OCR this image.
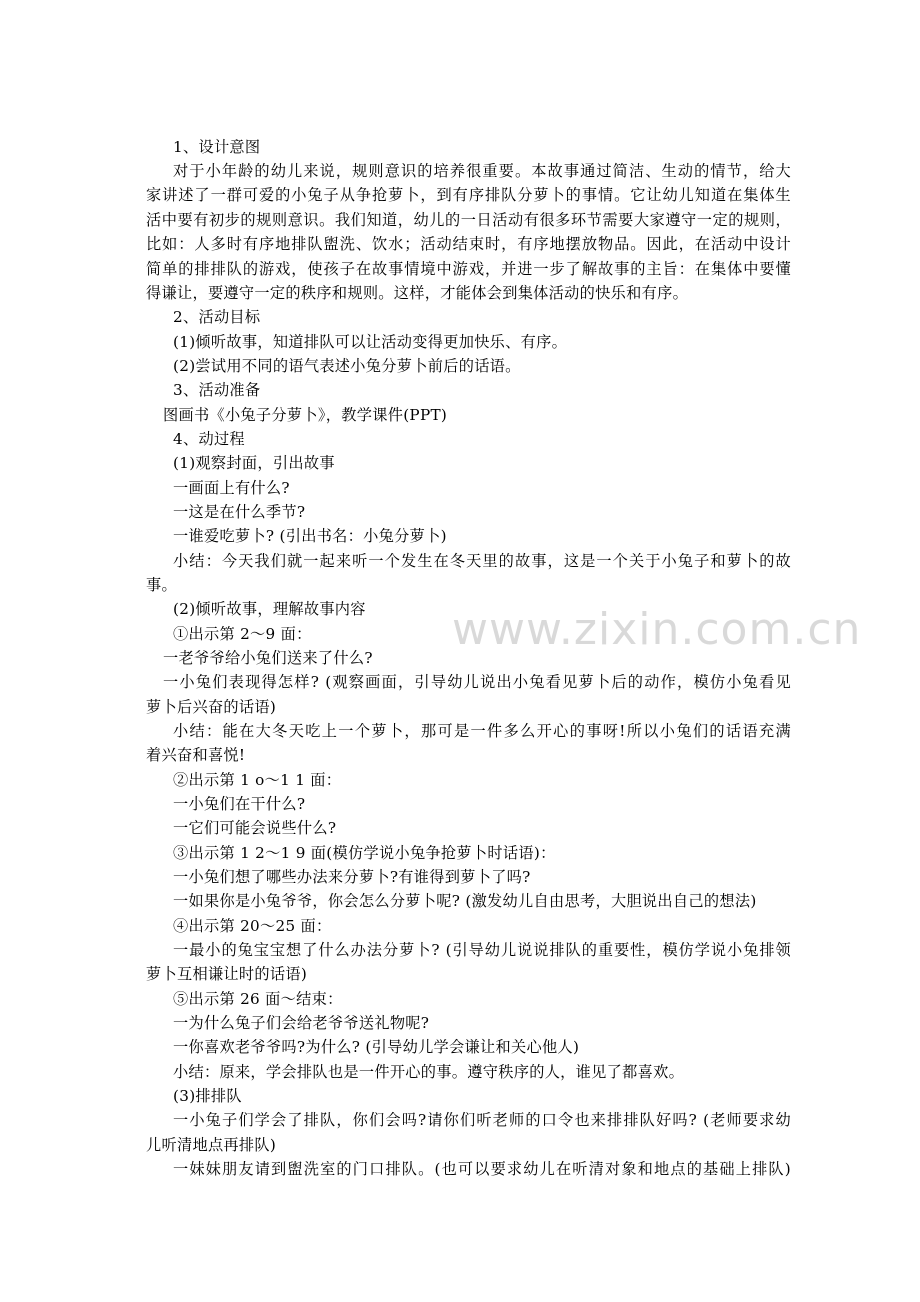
www.zixin.com.cn
1、设计意图
对于小年龄的幼儿来说，规则意识的培养很重要。本故事通过简洁、生动的情节，给大
家讲述了一群可爱的小兔子从争抢萝卜，到有序排队分萝卜的事情。它让幼儿知道在集体生
活中要有初步的规则意识。我们知道，幼儿的一日活动有很多环节需要大家遵守一定的规则，
比如：人多时有序地排队盥洗、饮水；活动结束时，有序地摆放物品。因此，在活动中设计
简单的排排队的游戏，使孩子在故事情境中游戏，并进一步了解故事的主旨：在集体中要懂
得谦让，要遵守一定的秩序和规则。这样，才能体会到集体活动的快乐和有序。
2、活动目标
(1)倾听故事，知道排队可以让活动变得更加快乐、有序。
(2)尝试用不同的语气表述小兔分萝卜前后的话语。
3、活动准备
图画书《小兔子分萝卜》，教学课件(PPT)
4、动过程
(1)观察封面，引出故事
一画面上有什么?
一这是在什么季节?
一谁爱吃萝卜? (引出书名：小兔分萝卜)
小结：今天我们就一起来听一个发生在冬天里的故事，这是一个关于小兔子和萝卜的故
事。
(2)倾听故事，理解故事内容
①出示第 2～9 面：
一老爷爷给小兔们送来了什么?
一小兔们表现得怎样? (观察画面，引导幼儿说出小兔看见萝卜后的动作，模仿小兔看见
萝卜后兴奋的话语)
小结：能在大冬天吃上一个萝卜，那可是一件多么开心的事呀!所以小兔们的话语充满
着兴奋和喜悦!
②出示第 1 o～1 1 面：
一小兔们在干什么?
一它们可能会说些什么?
③出示第 1 2～1 9 面(模仿学说小兔争抢萝卜时话语)：
一小兔们想了哪些办法来分萝卜?有谁得到萝卜了吗?
一如果你是小兔爷爷，你会怎么分萝卜呢? (激发幼儿自由思考，大胆说出自己的想法)
④出示第 20～25 面：
一最小的兔宝宝想了什么办法分萝卜? (引导幼儿说说排队的重要性，模仿学说小兔排领
萝卜互相谦让时的话语)
⑤出示第 26 面～结束：
一为什么兔子们会给老爷爷送礼物呢?
一你喜欢老爷爷吗?为什么? (引导幼儿学会谦让和关心他人)
小结：原来，学会排队也是一件开心的事。遵守秩序的人，谁见了都喜欢。
(3)排排队
一小兔子们学会了排队，你们会吗?请你们听老师的口令也来排排队好吗? (老师要求幼
儿听清地点再排队)
一妹妹朋友请到盥洗室的门口排队。(也可以要求幼儿在听清对象和地点的基础上排队)
